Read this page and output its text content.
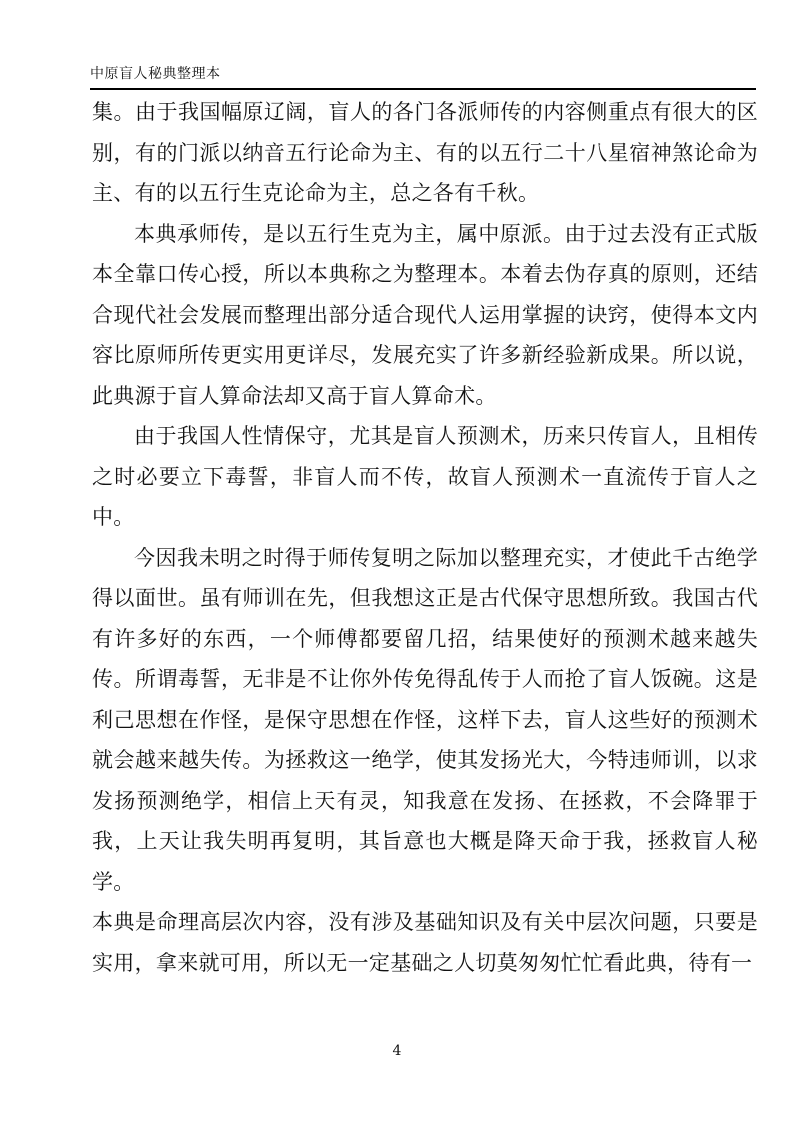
中原盲人秘典整理本

集。由于我国幅原辽阔，盲人的各门各派师传的内容侧重点有很大的区别，有的门派以纳音五行论命为主、有的以五行二十八星宿神煞论命为主、有的以五行生克论命为主，总之各有千秋。

本典承师传，是以五行生克为主，属中原派。由于过去没有正式版本全靠口传心授，所以本典称之为整理本。本着去伪存真的原则，还结合现代社会发展而整理出部分适合现代人运用掌握的诀窍，使得本文内容比原师所传更实用更详尽，发展充实了许多新经验新成果。所以说，此典源于盲人算命法却又高于盲人算命术。

由于我国人性情保守，尤其是盲人预测术，历来只传盲人，且相传之时必要立下毒誓，非盲人而不传，故盲人预测术一直流传于盲人之中。

今因我未明之时得于师传复明之际加以整理充实，才使此千古绝学得以面世。虽有师训在先，但我想这正是古代保守思想所致。我国古代有许多好的东西，一个师傅都要留几招，结果使好的预测术越来越失传。所谓毒誓，无非是不让你外传免得乱传于人而抢了盲人饭碗。这是利己思想在作怪，是保守思想在作怪，这样下去，盲人这些好的预测术就会越来越失传。为拯救这一绝学，使其发扬光大，今特违师训，以求发扬预测绝学，相信上天有灵，知我意在发扬、在拯救，不会降罪于我，上天让我失明再复明，其旨意也大概是降天命于我，拯救盲人秘学。

本典是命理高层次内容，没有涉及基础知识及有关中层次问题，只要是实用，拿来就可用，所以无一定基础之人切莫匆匆忙忙看此典，待有一

4
